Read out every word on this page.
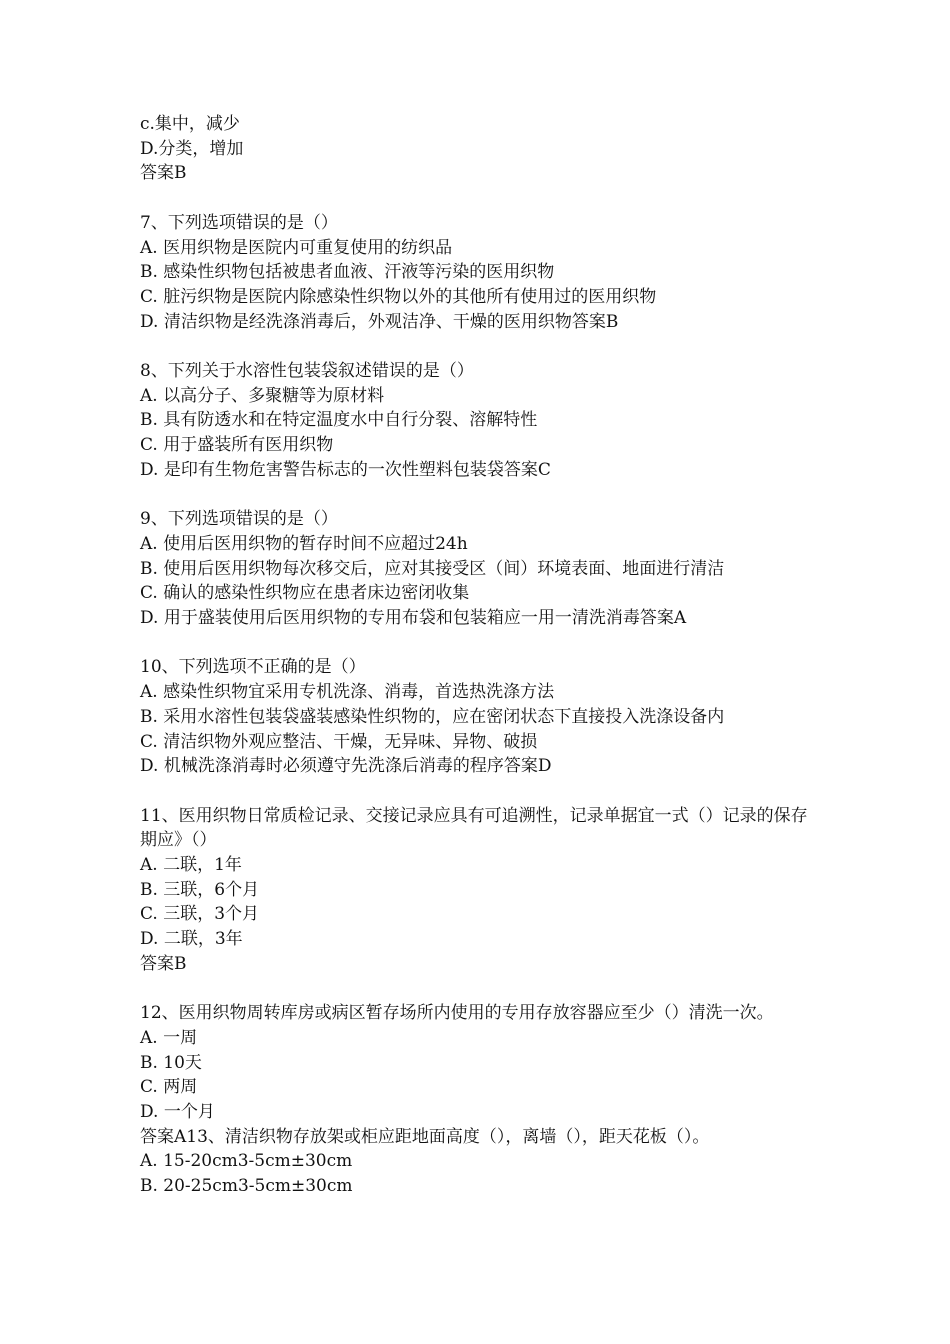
c.集中，减少

D.分类，增加

答案B

7、下列选项错误的是（）

A. 医用织物是医院内可重复使用的纺织品

B. 感染性织物包括被患者血液、汗液等污染的医用织物

C. 脏污织物是医院内除感染性织物以外的其他所有使用过的医用织物

D. 清洁织物是经洗涤消毒后，外观洁净、干燥的医用织物答案B

8、下列关于水溶性包装袋叙述错误的是（）

A. 以高分子、多聚糖等为原材料

B. 具有防透水和在特定温度水中自行分裂、溶解特性

C. 用于盛装所有医用织物

D. 是印有生物危害警告标志的一次性塑料包装袋答案C

9、下列选项错误的是（）

A. 使用后医用织物的暂存时间不应超过24h

B. 使用后医用织物每次移交后，应对其接受区（间）环境表面、地面进行清洁

C. 确认的感染性织物应在患者床边密闭收集

D. 用于盛装使用后医用织物的专用布袋和包装箱应一用一清洗消毒答案A

10、下列选项不正确的是（）

A. 感染性织物宜采用专机洗涤、消毒，首选热洗涤方法

B. 采用水溶性包装袋盛装感染性织物的，应在密闭状态下直接投入洗涤设备内

C. 清洁织物外观应整洁、干燥，无异味、异物、破损

D. 机械洗涤消毒时必须遵守先洗涤后消毒的程序答案D

11、医用织物日常质检记录、交接记录应具有可追溯性，记录单据宜一式（）记录的保存期应》（）

A. 二联，1年

B. 三联，6个月

C. 三联，3个月

D. 二联，3年

答案B

12、医用织物周转库房或病区暂存场所内使用的专用存放容器应至少（）清洗一次。

A. 一周

B. 10天

C. 两周

D. 一个月

答案A13、清洁织物存放架或柜应距地面高度（），离墙（），距天花板（）。

A. 15-20cm3-5cm±30cm

B. 20-25cm3-5cm±30cm
